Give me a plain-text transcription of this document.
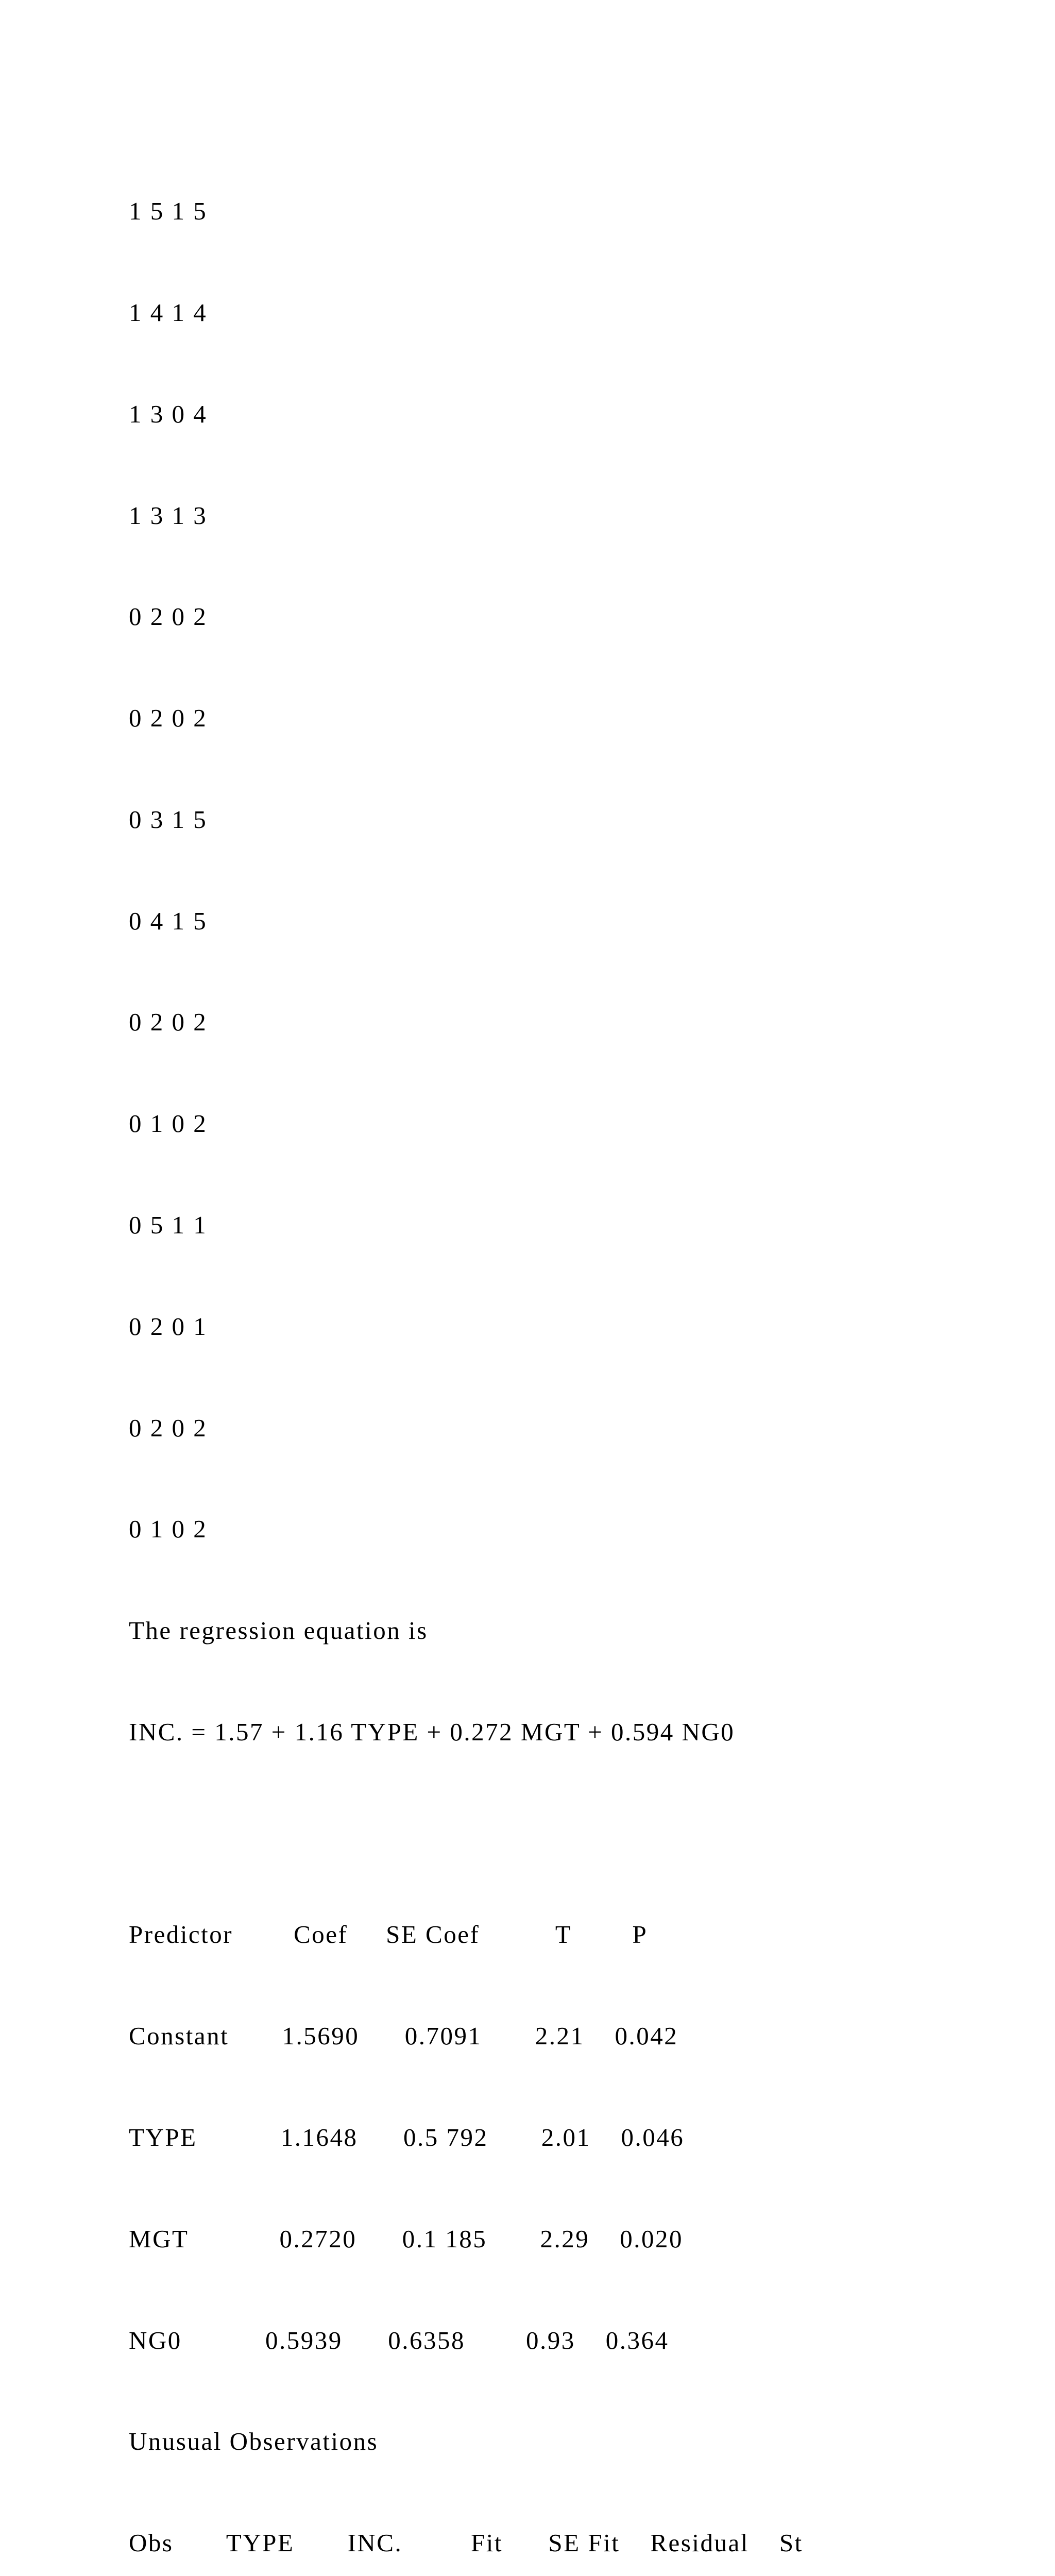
1 5 1 5

1 4 1 4

1 3 0 4

1 3 1 3

0 2 0 2

0 2 0 2

0 3 1 5

0 4 1 5

0 2 0 2

0 1 0 2

0 5 1 1

0 2 0 1

0 2 0 2

0 1 0 2

The regression equation is

INC. = 1.57 + 1.16 TYPE + 0.272 MGT + 0.594 NG0

Predictor        Coef     SE Coef          T        P

Constant       1.5690      0.7091       2.21    0.042

TYPE           1.1648      0.5 792       2.01    0.046

MGT            0.2720      0.1 185       2.29    0.020

NG0           0.5939      0.6358        0.93    0.364

Unusual Observations

Obs       TYPE       INC.         Fit      SE Fit    Residual    St
